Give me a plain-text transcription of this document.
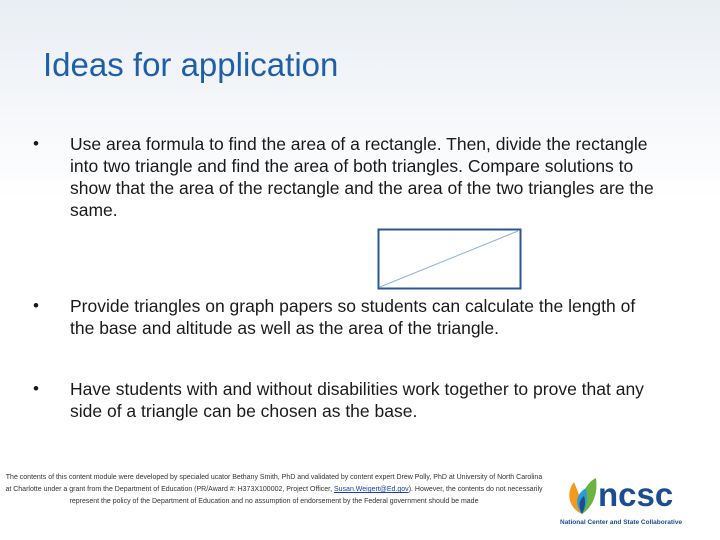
Ideas for application
• Use area formula to find the area of a rectangle. Then, divide the rectangle into two triangle and find the area of both triangles. Compare solutions to show that the area of the rectangle and the area of the two triangles are the same.
• Provide triangles on graph papers so students can calculate the length of the base and altitude as well as the area of the triangle.
• Have students with and without disabilities work together to prove that any side of a triangle can be chosen as the base.
The contents of this content module were developed by specialed ucator Bethany Smith, PhD and validated by content expert Drew Polly, PhD at University of North Carolina at Charlotte under a grant from the Department of Education (PR/Award #: H373X100002, Project Officer, Susan.Weigert@Ed.gov). However, the contents do not necessarily represent the policy of the Department of Education and no assumption of endorsement by the Federal government should be made	ncsc
National Center and State Collaborative
